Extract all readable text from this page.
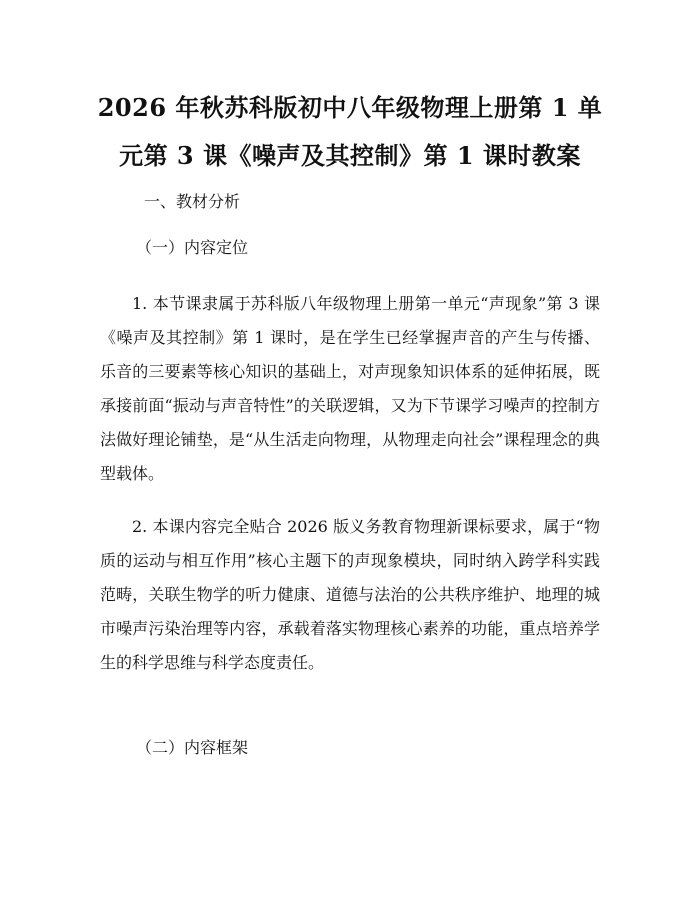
2026 年秋苏科版初中八年级物理上册第 1 单
元第 3 课《噪声及其控制》第 1 课时教案
一、教材分析
（一）内容定位

1. 本节课隶属于苏科版八年级物理上册第一单元“声现象”第 3 课《噪声及其控制》第 1 课时，是在学生已经掌握声音的产生与传播、乐音的三要素等核心知识的基础上，对声现象知识体系的延伸拓展，既承接前面“振动与声音特性”的关联逻辑，又为下节课学习噪声的控制方法做好理论铺垫，是“从生活走向物理，从物理走向社会”课程理念的典型载体。

2. 本课内容完全贴合 2026 版义务教育物理新课标要求，属于“物质的运动与相互作用”核心主题下的声现象模块，同时纳入跨学科实践范畴，关联生物学的听力健康、道德与法治的公共秩序维护、地理的城市噪声污染治理等内容，承载着落实物理核心素养的功能，重点培养学生的科学思维与科学态度责任。

（二）内容框架
